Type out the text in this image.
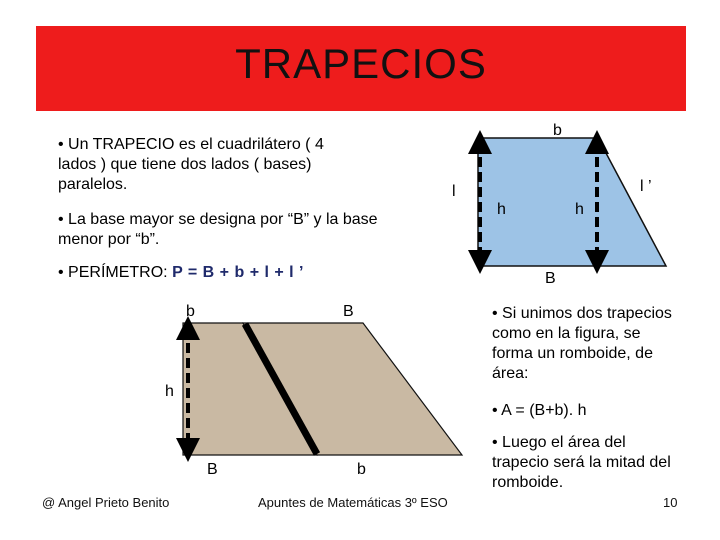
TRAPECIOS
• Un TRAPECIO es el cuadrilátero ( 4 lados ) que tiene dos lados ( bases) paralelos.
• La base mayor se designa por “B” y la base menor por “b”.
• PERÍMETRO: P = B + b + l + l ’
b
l
h	h
l ’
B
b	B
h
B	b
• Si unimos dos trapecios como en la figura, se forma un romboide, de área:
• A = (B+b). h
• Luego el área del trapecio será la mitad del romboide.
@ Angel Prieto Benito	Apuntes de Matemáticas 3º ESO	10
